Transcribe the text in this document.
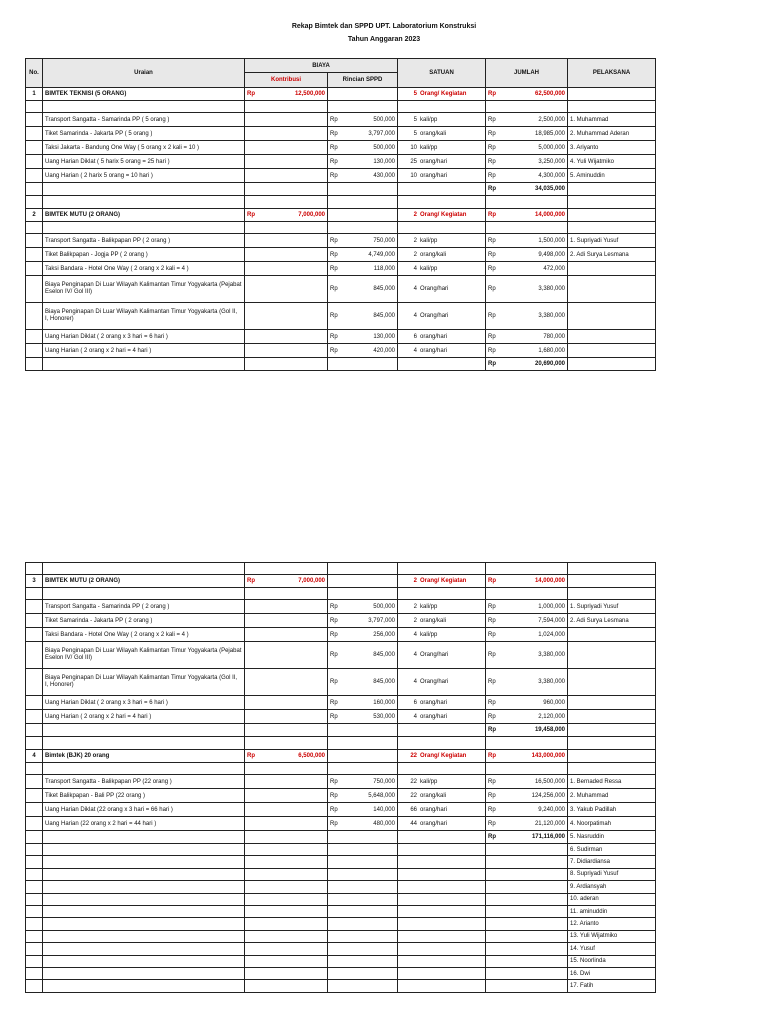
Rekap Bimtek dan SPPD UPT. Laboratorium Konstruksi
Tahun Anggaran 2023
No.	Uraian	BIAYA		SATUAN	JUMLAH	PELAKSANA
		Kontribusi	Rincian SPPD			
1	BIMTEK TEKNISI (5 ORANG)	Rp 12,500,000		5 Orang/ Kegiatan	Rp 62,500,000	

	Transport Sangatta - Samarinda PP ( 5 orang )		Rp 500,000	5 kali/pp	Rp 2,500,000	1. Muhammad
	Tiket Samarinda - Jakarta PP ( 5 orang )		Rp 3,797,000	5 orang/kali	Rp 18,985,000	2. Muhammad Aderan
	Taksi Jakarta - Bandung One Way ( 5 orang x 2 kali = 10 )		Rp 500,000	10 kali/pp	Rp 5,000,000	3. Ariyanto
	Uang Harian Diklat ( 5 harix 5 orang = 25 hari )		Rp 130,000	25 orang/hari	Rp 3,250,000	4. Yuli Wijatmiko
	Uang Harian ( 2 harix 5 orang = 10 hari )		Rp 430,000	10 orang/hari	Rp 4,300,000	5. Aminuddin

					Rp 34,035,000	

2	BIMTEK MUTU (2 ORANG)	Rp 7,000,000		2 Orang/ Kegiatan	Rp 14,000,000	

	Transport Sangatta - Balikpapan PP ( 2 orang )		Rp 750,000	2 kali/pp	Rp 1,500,000	1. Supriyadi Yusuf
	Tiket Balikpapan - Jogja PP ( 2 orang )		Rp 4,749,000	2 orang/kali	Rp 9,498,000	2. Adi Surya Lesmana
	Taksi Bandara - Hotel One Way ( 2 orang x 2 kali = 4 )		Rp 118,000	4 kali/pp	Rp 472,000	

	Biaya Penginapan Di Luar Wilayah Kalimantan Timur Yogyakarta (Pejabat Eselon IV/ Gol III)		Rp 845,000	4 Orang/hari	Rp 3,380,000	

	Biaya Penginapan Di Luar Wilayah Kalimantan Timur Yogyakarta (Gol II, I, Honorer)		Rp 845,000	4 Orang/hari	Rp 3,380,000	

	Uang Harian Diklat ( 2 orang x 3 hari = 6 hari )		Rp 130,000	6 orang/hari	Rp 780,000	

	Uang Harian ( 2 orang x 2 hari = 4 hari )		Rp 420,000	4 orang/hari	Rp 1,680,000	

					Rp 20,690,000	

3	BIMTEK MUTU (2 ORANG)	Rp 7,000,000		2 Orang/ Kegiatan	Rp 14,000,000	

	Transport Sangatta - Samarinda PP ( 2 orang )		Rp 500,000	2 kali/pp	Rp 1,000,000	1. Supriyadi Yusuf
	Tiket Samarinda - Jakarta PP ( 2 orang )		Rp 3,797,000	2 orang/kali	Rp 7,594,000	2. Adi Surya Lesmana
	Taksi Bandara - Hotel One Way ( 2 orang x 2 kali = 4 )		Rp 256,000	4 kali/pp	Rp 1,024,000	

	Biaya Penginapan Di Luar Wilayah Kalimantan Timur Yogyakarta (Pejabat Eselon IV/ Gol III)		Rp 845,000	4 Orang/hari	Rp 3,380,000	

	Biaya Penginapan Di Luar Wilayah Kalimantan Timur Yogyakarta (Gol II, I, Honorer)		Rp 845,000	4 Orang/hari	Rp 3,380,000	

	Uang Harian Diklat ( 2 orang x 3 hari = 6 hari )		Rp 160,000	6 orang/hari	Rp 960,000	

	Uang Harian ( 2 orang x 2 hari = 4 hari )		Rp 530,000	4 orang/hari	Rp 2,120,000	

					Rp 19,458,000	

4	Bimtek (BJK) 20 orang	Rp 6,500,000		22 Orang/ Kegiatan	Rp 143,000,000	

	Transport Sangatta - Balikpapan PP (22 orang )		Rp 750,000	22 kali/pp	Rp 16,500,000	1. Bernaded Ressa
	Tiket Balikpapan - Bali PP (22 orang )		Rp 5,648,000	22 orang/kali	Rp 124,256,000	2. Muhammad
	Uang Harian Diklat (22 orang x 3 hari = 66 hari )		Rp 140,000	66 orang/hari	Rp 9,240,000	3. Yakub Padillah
	Uang Harian (22 orang x 2 hari = 44 hari )		Rp 480,000	44 orang/hari	Rp 21,120,000	4. Noorpatimah

					Rp 171,116,000	5. Nasruddin
						6. Sudirman
						7. Didiardiansa
						8. Supriyadi Yusuf
						9. Ardiansyah
						10. aderan
						11. aminuddin
						12. Arianto
						13. Yuli Wijatmiko
						14. Yusuf
						15. Noorlinda
						16. Dwi
						17. Fatih
